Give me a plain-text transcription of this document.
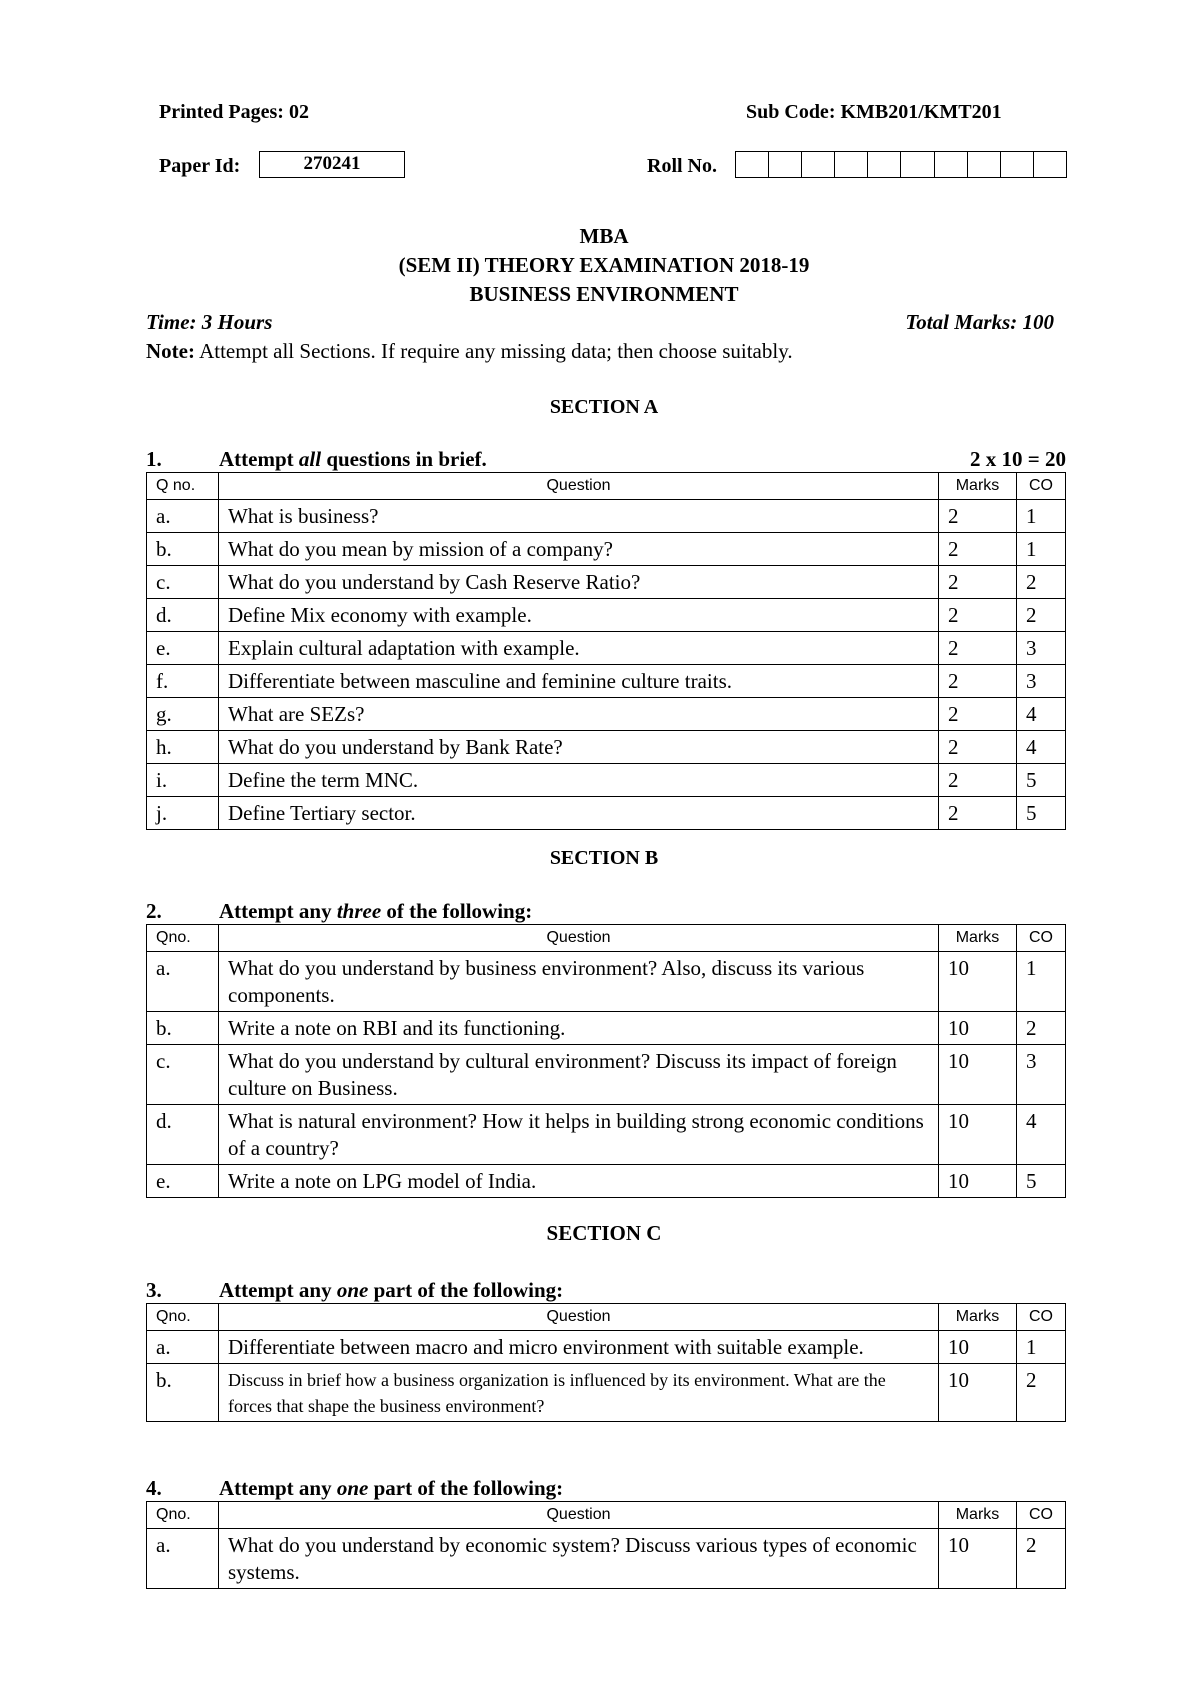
Printed Pages: 02	Sub Code: KMB201/KMT201
Paper Id:	270241	Roll No.
MBA
(SEM II) THEORY EXAMINATION 2018-19
BUSINESS ENVIRONMENT
Time: 3 Hours	Total Marks: 100
Note: Attempt all Sections. If require any missing data; then choose suitably.
SECTION A
1.	Attempt all questions in brief.	2 x 10 = 20
Q no.	Question	Marks	CO
a.	What is business?	2	1
b.	What do you mean by mission of a company?	2	1
c.	What do you understand by Cash Reserve Ratio?	2	2
d.	Define Mix economy with example.	2	2
e.	Explain cultural adaptation with example.	2	3
f.	Differentiate between masculine and feminine culture traits.	2	3
g.	What are SEZs?	2	4
h.	What do you understand by Bank Rate?	2	4
i.	Define the term MNC.	2	5
j.	Define Tertiary sector.	2	5
SECTION B
2.	Attempt any three of the following:
Qno.	Question	Marks	CO
a.	What do you understand by business environment? Also, discuss its various components.	10	1
b.	Write a note on RBI and its functioning.	10	2
c.	What do you understand by cultural environment? Discuss its impact of foreign culture on Business.	10	3
d.	What is natural environment? How it helps in building strong economic conditions of a country?	10	4
e.	Write a note on LPG model of India.	10	5
SECTION C
3.	Attempt any one part of the following:
Qno.	Question	Marks	CO
a.	Differentiate between macro and micro environment with suitable example.	10	1
b.	Discuss in brief how a business organization is influenced by its environment. What are the forces that shape the business environment?	10	2
4.	Attempt any one part of the following:
Qno.	Question	Marks	CO
a.	What do you understand by economic system? Discuss various types of economic systems.	10	2
